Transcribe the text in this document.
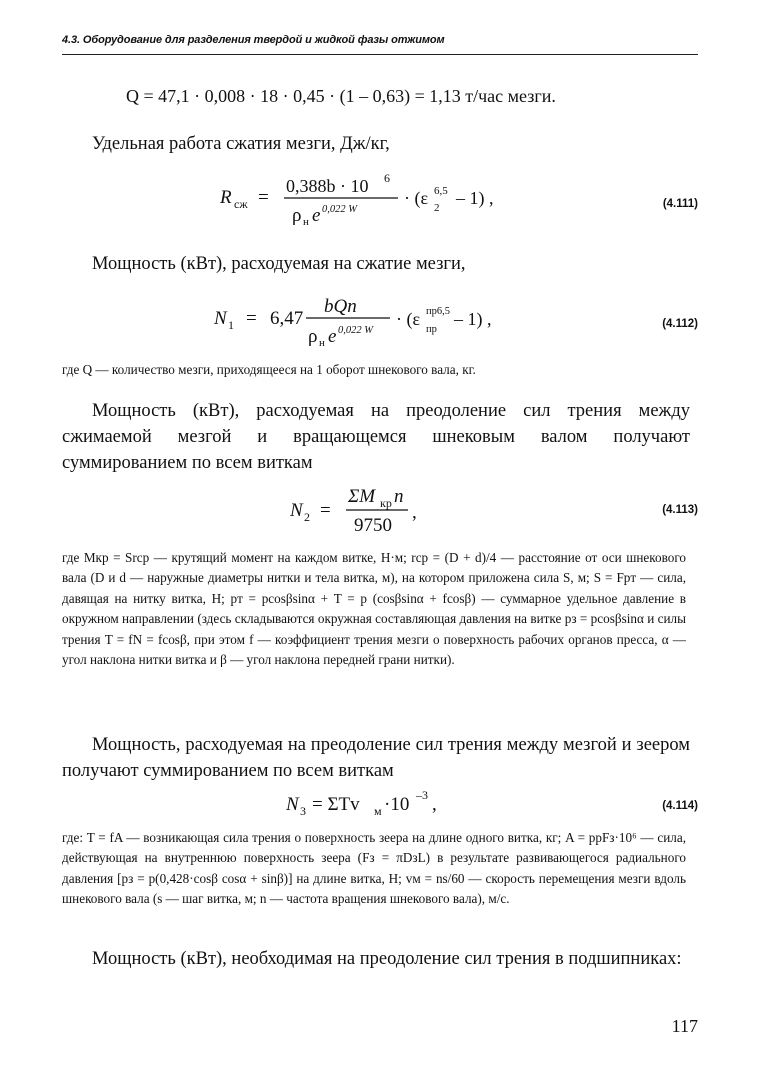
4.3. Оборудование для разделения твердой и жидкой фазы отжимом
Q = 47,1 · 0,008 · 18 · 0,45 · (1 – 0,63) = 1,13 т/час мезги.
Удельная работа сжатия мезги, Дж/кг,
R сж =
0,388b · 10 6
ρ н e 0,022 W
· (ε 2
6,5 – 1) ,	(4.111)
Мощность (кВт), расходуемая на сжатие мезги,
N 1 = 6,47
bQn
ρ н e 0,022 W
· (ε пр6,5
пр
– 1) ,	(4.112)
где Q — количество мезги, приходящееся на 1 оборот шнекового вала, кг.

Мощность (кВт), расходуемая на преодоление сил трения между сжимаемой мезгой и вращающемся шнековым валом получают суммированием по всем виткам

N 2 =
ΣM кр n
9750
,	(4.113)

где Mкр = Srср — крутящий момент на каждом витке, Н·м; rср = (D + d)/4 — расстояние от оси шнекового вала (D и d — наружные диаметры нитки и тела витка, м), на котором приложена сила S, м; S = Fpт — сила, давящая на нитку витка, Н; pт = pcosβsinα + T = p (cosβsinα + fcosβ) — суммарное удельное давление в окружном направлении (здесь складываются окружная составляющая давления на витке pз = pcosβsinα и силы трения T = fN = fcosβ, при этом f — коэффициент трения мезги о поверхность рабочих органов пресса, α — угол наклона нитки витка и β — угол наклона передней грани нитки).

Мощность, расходуемая на преодоление сил трения между мезгой и зеером получают суммированием по всем виткам

N 3 = ΣTv м ·10 –3 ,	(4.114)

где: T = fA — возникающая сила трения о поверхность зеера на длине одного витка, кг; A = pрFз·10⁶ — сила, действующая на внутреннюю поверхность зеера (Fз = πDзL) в результате развивающегося радиального давления [pз = p(0,428·cosβ cosα + sinβ)] на длине витка, Н; vм = ns/60 — скорость перемещения мезги вдоль шнекового вала (s — шаг витка, м; n — частота вращения шнекового вала), м/с.

Мощность (кВт), необходимая на преодоление сил трения в подшипниках:

117
